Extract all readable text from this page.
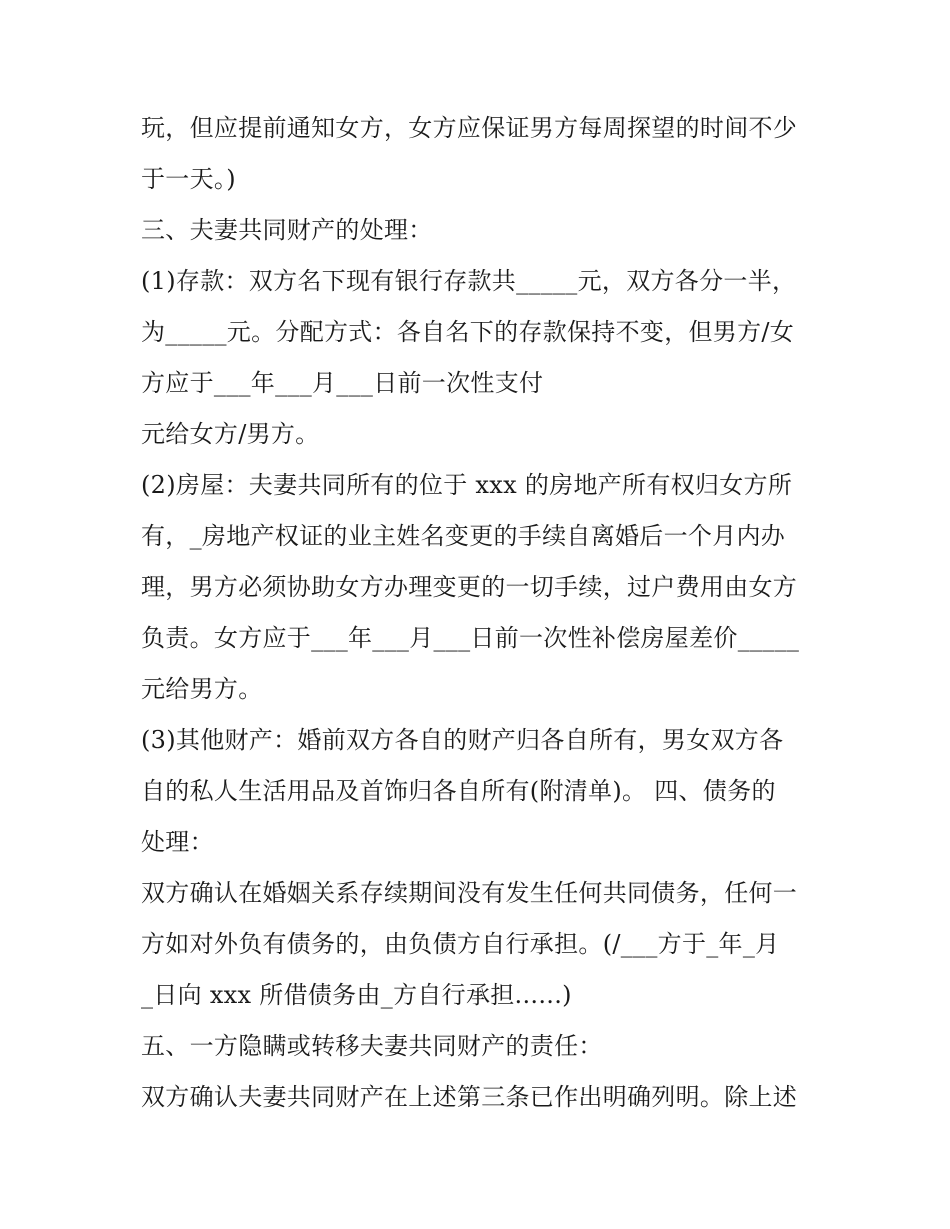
玩，但应提前通知女方，女方应保证男方每周探望的时间不少

于一天。)

三、夫妻共同财产的处理：

(1)存款：双方名下现有银行存款共_____元，双方各分一半，

为_____元。分配方式：各自名下的存款保持不变，但男方/女

方应于___年___月___日前一次性支付

元给女方/男方。

(2)房屋：夫妻共同所有的位于 xxx 的房地产所有权归女方所

有，_房地产权证的业主姓名变更的手续自离婚后一个月内办

理，男方必须协助女方办理变更的一切手续，过户费用由女方

负责。女方应于___年___月___日前一次性补偿房屋差价_____

元给男方。

(3)其他财产：婚前双方各自的财产归各自所有，男女双方各

自的私人生活用品及首饰归各自所有(附清单)。 四、债务的

处理：

双方确认在婚姻关系存续期间没有发生任何共同债务，任何一

方如对外负有债务的，由负债方自行承担。(/___方于_年_月

_日向 xxx 所借债务由_方自行承担......)

五、一方隐瞒或转移夫妻共同财产的责任：

双方确认夫妻共同财产在上述第三条已作出明确列明。除上述
